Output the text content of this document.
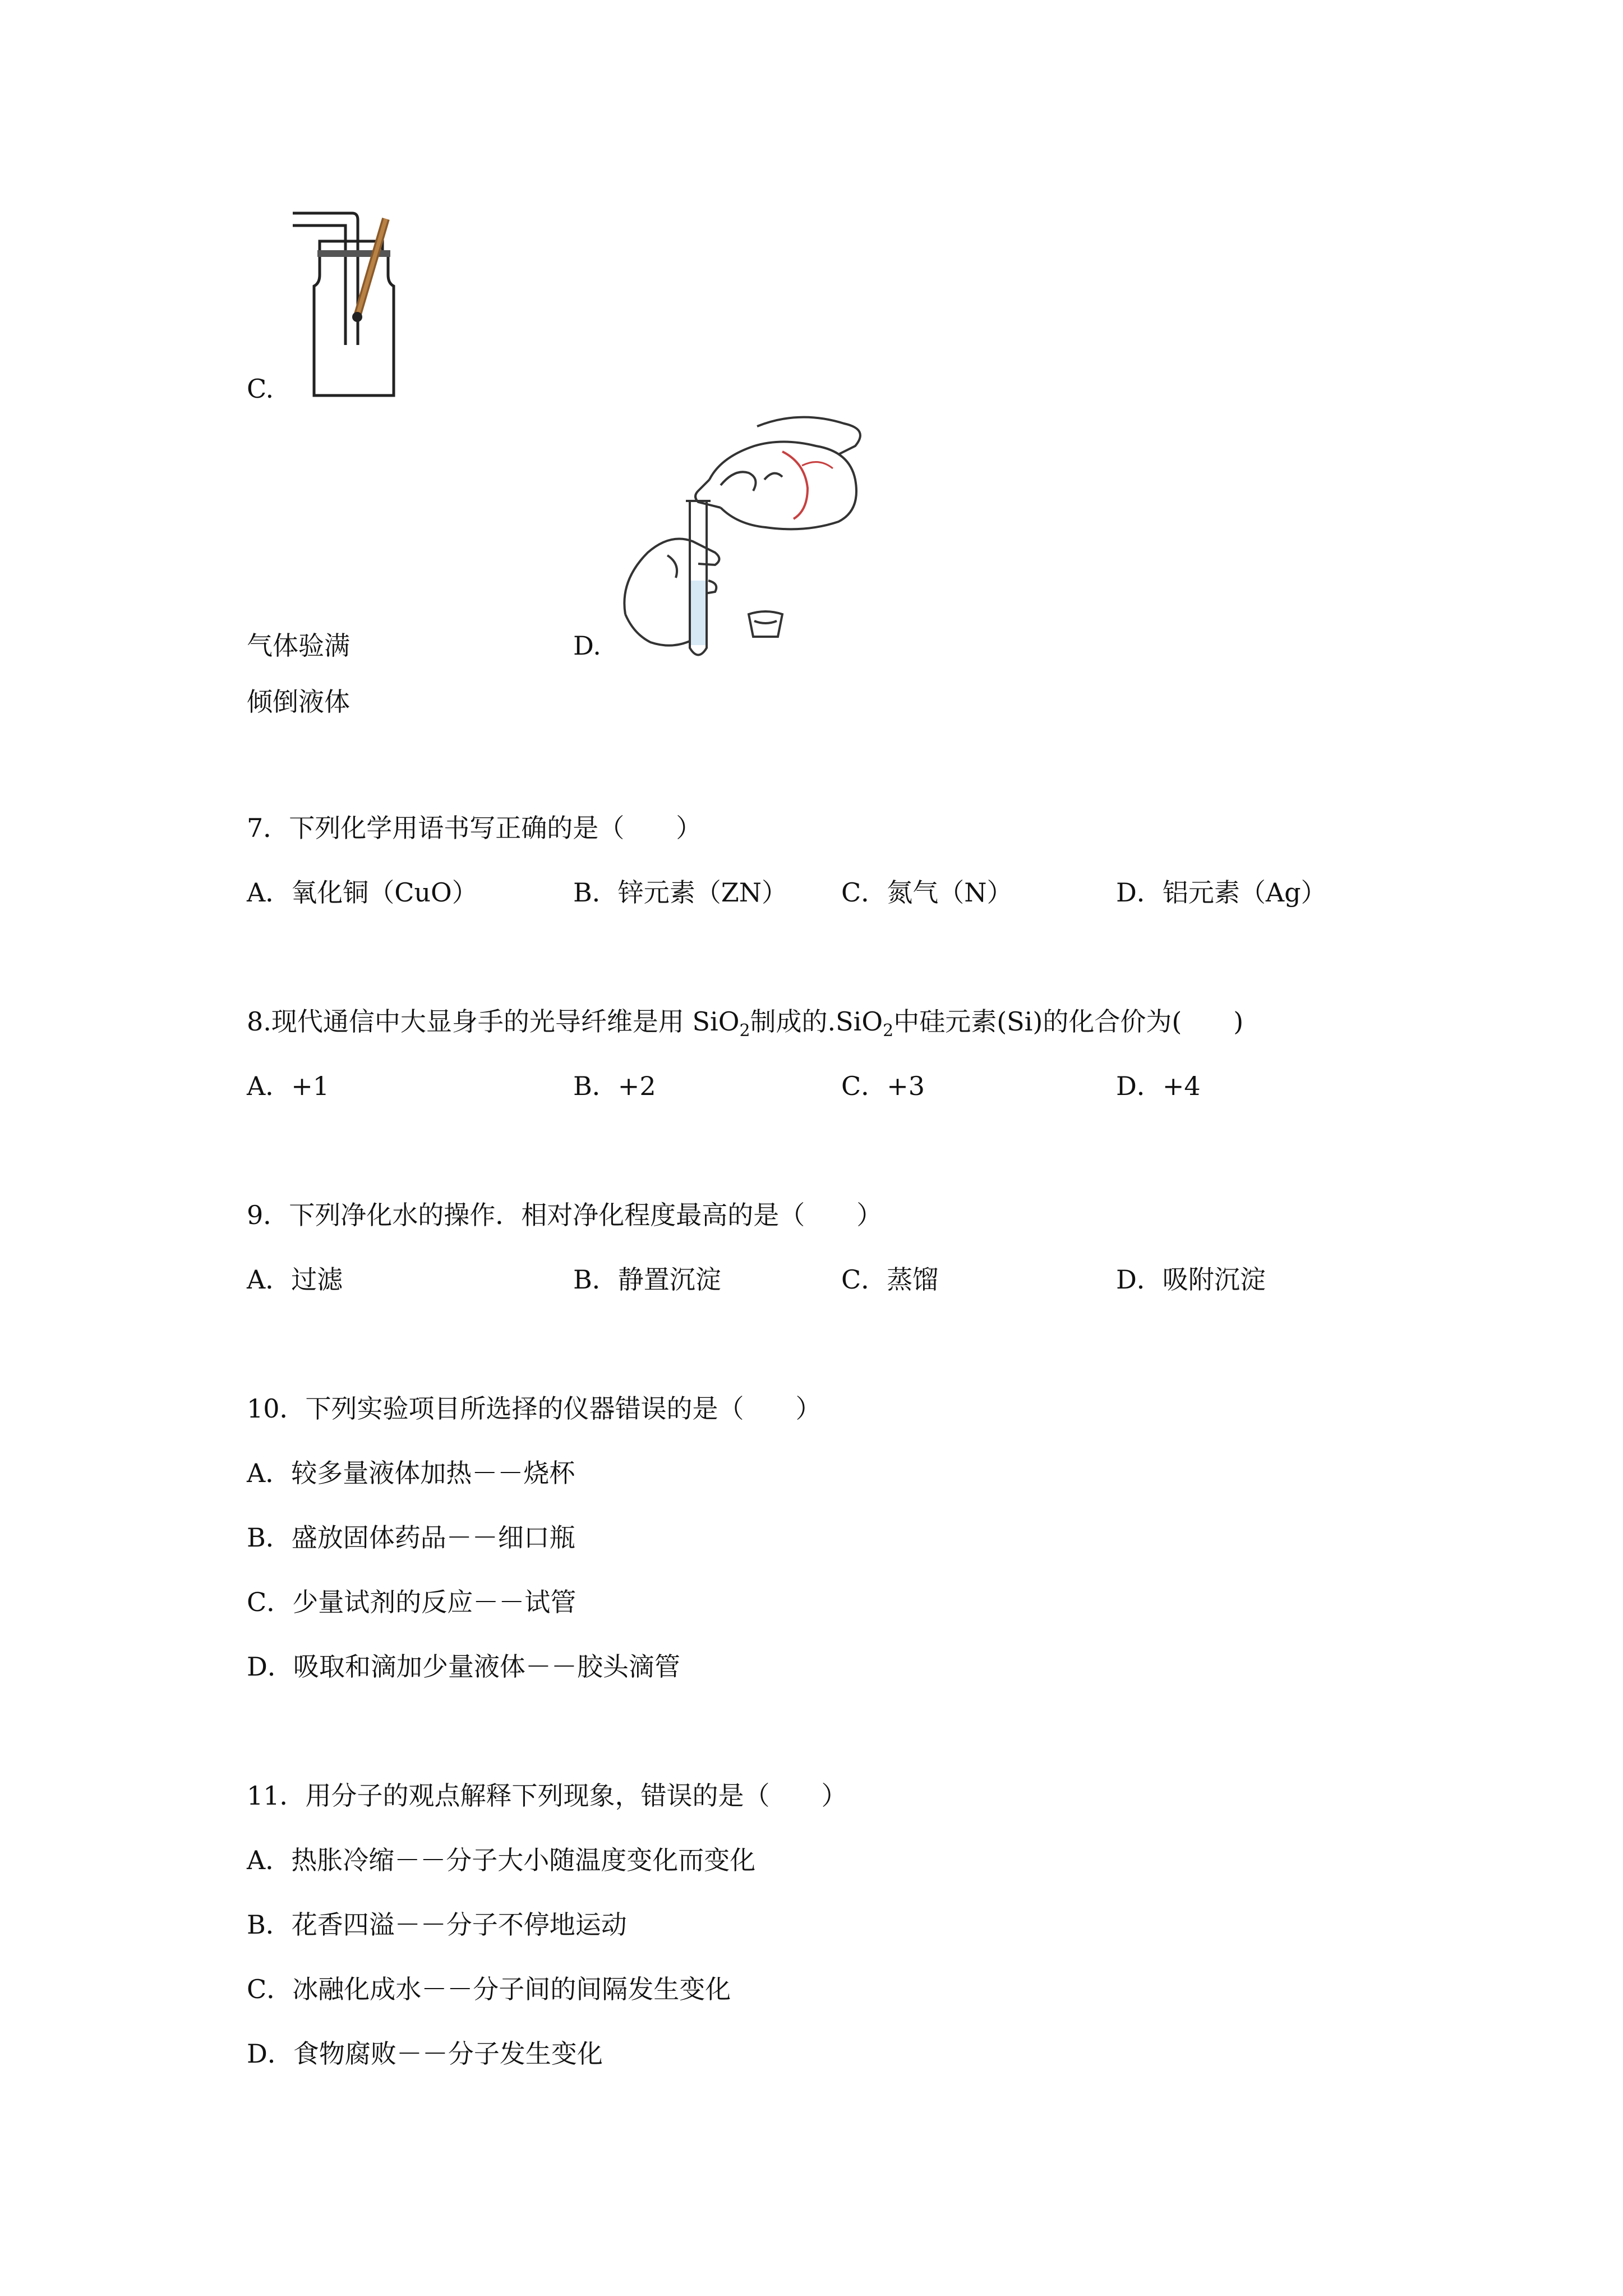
C.
气体验满	D.
倾倒液体
7．下列化学用语书写正确的是（　　）
A．氧化铜（CuO）	B．锌元素（ZN） C．氮气（N）	D．铝元素（Ag）
8.现代通信中大显身手的光导纤维是用 SiO$_2$制成的.SiO$_2$中硅元素(Si)的化合价为(　　)
A．+1	B．+2	C．+3	D．+4
9．下列净化水的操作．相对净化程度最高的是（　　）
A．过滤	B．静置沉淀	C．蒸馏	D．吸附沉淀
10．下列实验项目所选择的仪器错误的是（　　）
A．较多量液体加热－－烧杯
B．盛放固体药品－－细口瓶
C．少量试剂的反应－－试管
D．吸取和滴加少量液体－－胶头滴管
11．用分子的观点解释下列现象，错误的是（　　）
A．热胀冷缩－－分子大小随温度变化而变化
B．花香四溢－－分子不停地运动
C．冰融化成水－－分子间的间隔发生变化
D．食物腐败－－分子发生变化
